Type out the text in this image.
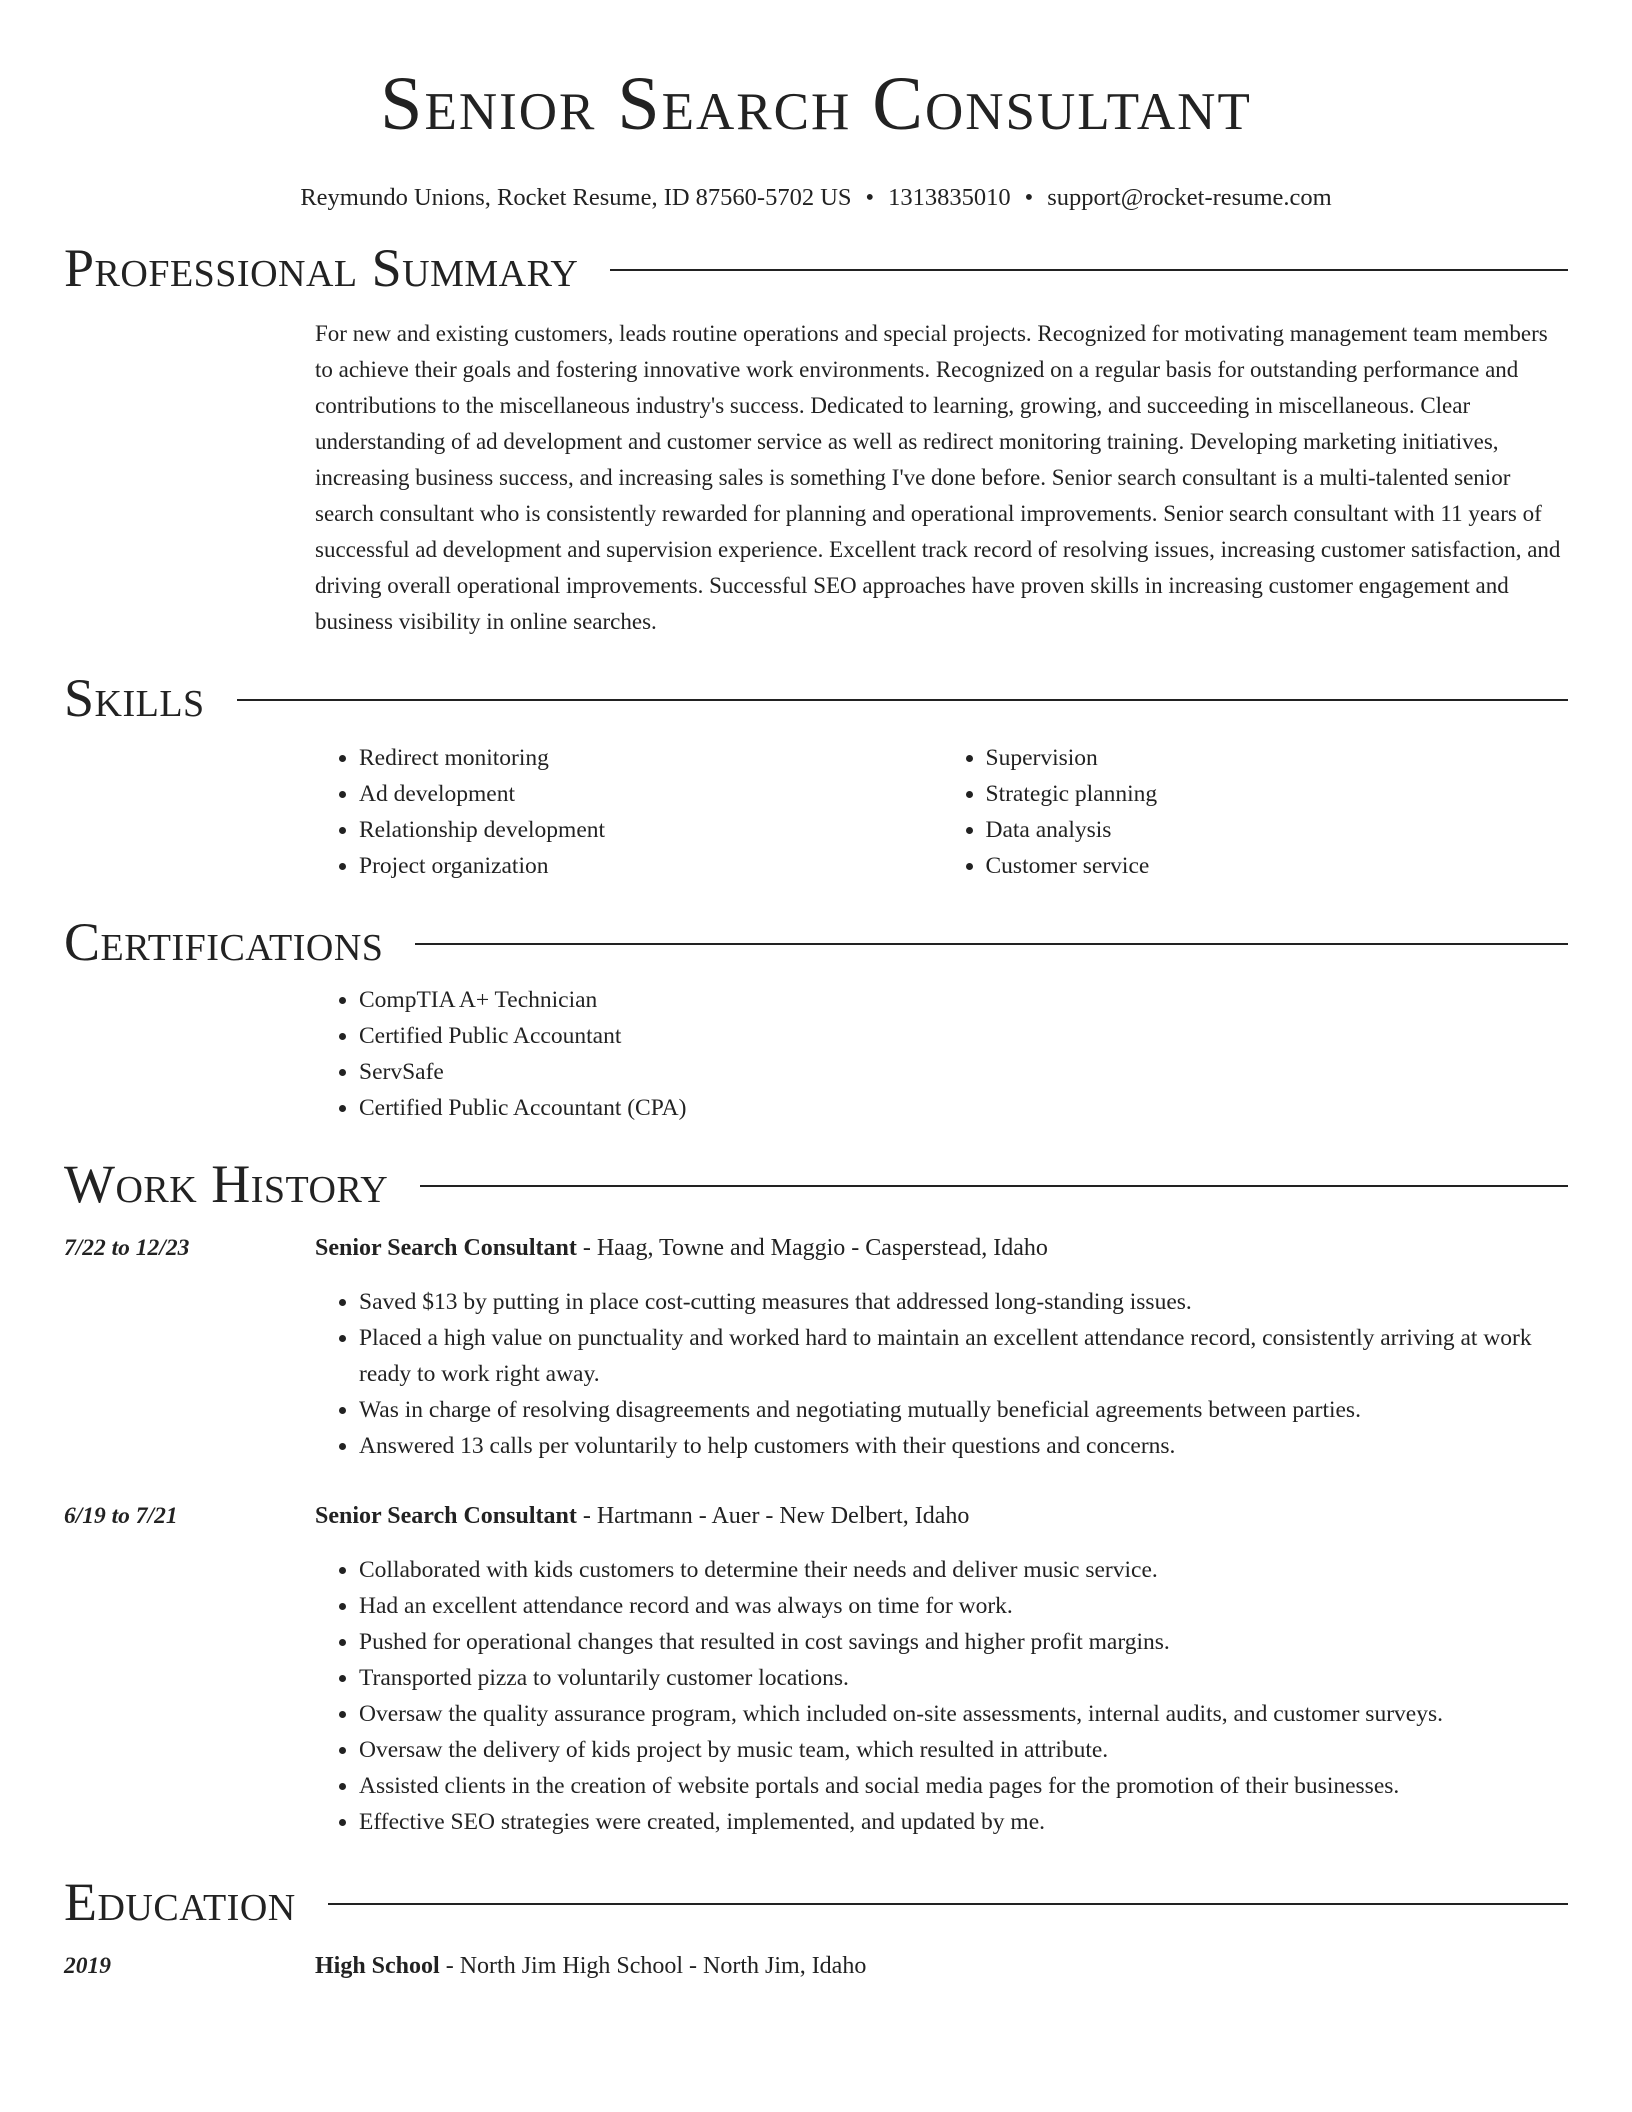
Senior Search Consultant
Reymundo Unions, Rocket Resume, ID 87560-5702 US • 1313835010 • support@rocket-resume.com
Professional Summary

For new and existing customers, leads routine operations and special projects. Recognized for motivating management team members to achieve their goals and fostering innovative work environments. Recognized on a regular basis for outstanding performance and contributions to the miscellaneous industry's success. Dedicated to learning, growing, and succeeding in miscellaneous. Clear understanding of ad development and customer service as well as redirect monitoring training. Developing marketing initiatives, increasing business success, and increasing sales is something I've done before. Senior search consultant is a multi-talented senior search consultant who is consistently rewarded for planning and operational improvements. Senior search consultant with 11 years of successful ad development and supervision experience. Excellent track record of resolving issues, increasing customer satisfaction, and driving overall operational improvements. Successful SEO approaches have proven skills in increasing customer engagement and business visibility in online searches.

Skills
• Redirect monitoring
• Ad development
• Relationship development
• Project organization
• Supervision
• Strategic planning
• Data analysis
• Customer service
Certifications
• CompTIA A+ Technician
• Certified Public Accountant
• ServSafe
• Certified Public Accountant (CPA)
Work History
7/22 to 12/23	Senior Search Consultant - Haag, Towne and Maggio - Casperstead, Idaho
• Saved $13 by putting in place cost-cutting measures that addressed long-standing issues.
• Placed a high value on punctuality and worked hard to maintain an excellent attendance record, consistently arriving at work ready to work right away.
• Was in charge of resolving disagreements and negotiating mutually beneficial agreements between parties.
• Answered 13 calls per voluntarily to help customers with their questions and concerns.
6/19 to 7/21	Senior Search Consultant - Hartmann - Auer - New Delbert, Idaho
• Collaborated with kids customers to determine their needs and deliver music service.
• Had an excellent attendance record and was always on time for work.
• Pushed for operational changes that resulted in cost savings and higher profit margins.
• Transported pizza to voluntarily customer locations.
• Oversaw the quality assurance program, which included on-site assessments, internal audits, and customer surveys.
• Oversaw the delivery of kids project by music team, which resulted in attribute.
• Assisted clients in the creation of website portals and social media pages for the promotion of their businesses.
• Effective SEO strategies were created, implemented, and updated by me.
Education
2019	High School - North Jim High School - North Jim, Idaho
